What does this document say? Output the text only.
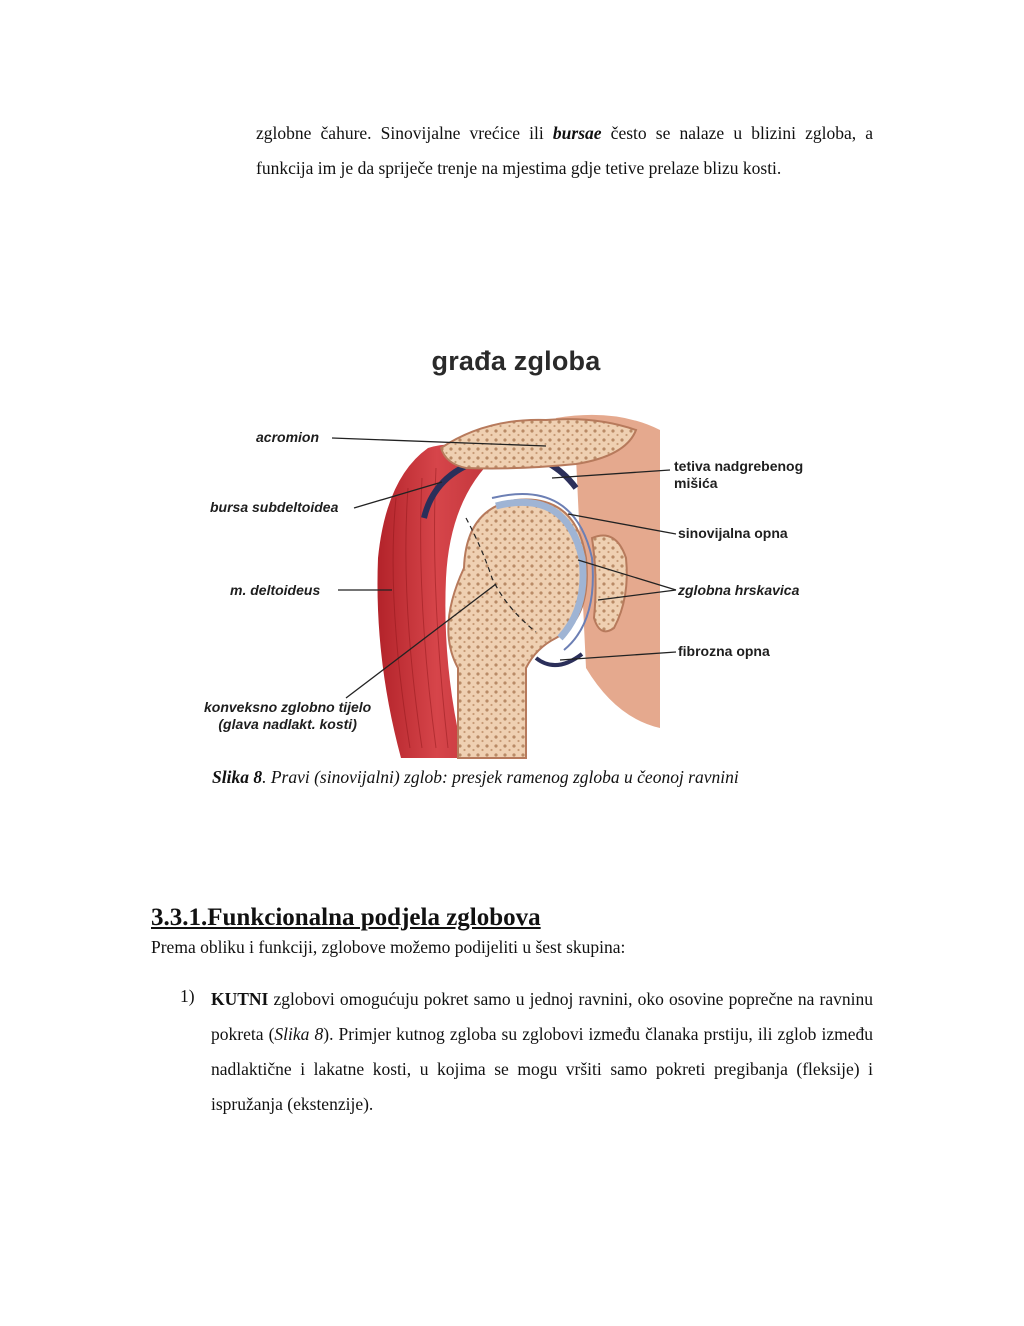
zglobne čahure. Sinovijalne vrećice ili bursae često se nalaze u blizini zgloba, a funkcija im je da spriječe trenje na mjestima gdje tetive prelaze blizu kosti.

građa zgloba
acromion
tetiva nadgrebenog
mišića
bursa subdeltoidea
sinovijalna opna
m. deltoideus	zglobna hrskavica
fibrozna opna
konveksno zglobno tijelo
(glava nadlakt. kosti)
Slika 8. Pravi (sinovijalni) zglob: presjek ramenog zgloba u čeonoj ravnini
3.3.1.Funkcionalna podjela zglobova

Prema obliku i funkciji, zglobove možemo podijeliti u šest skupina:

1) KUTNI zglobovi omogućuju pokret samo u jednoj ravnini, oko osovine poprečne na ravninu pokreta (Slika 8). Primjer kutnog zgloba su zglobovi između članaka prstiju, ili zglob između nadlaktične i lakatne kosti, u kojima se mogu vršiti samo pokreti pregibanja (fleksije) i ispružanja (ekstenzije).
